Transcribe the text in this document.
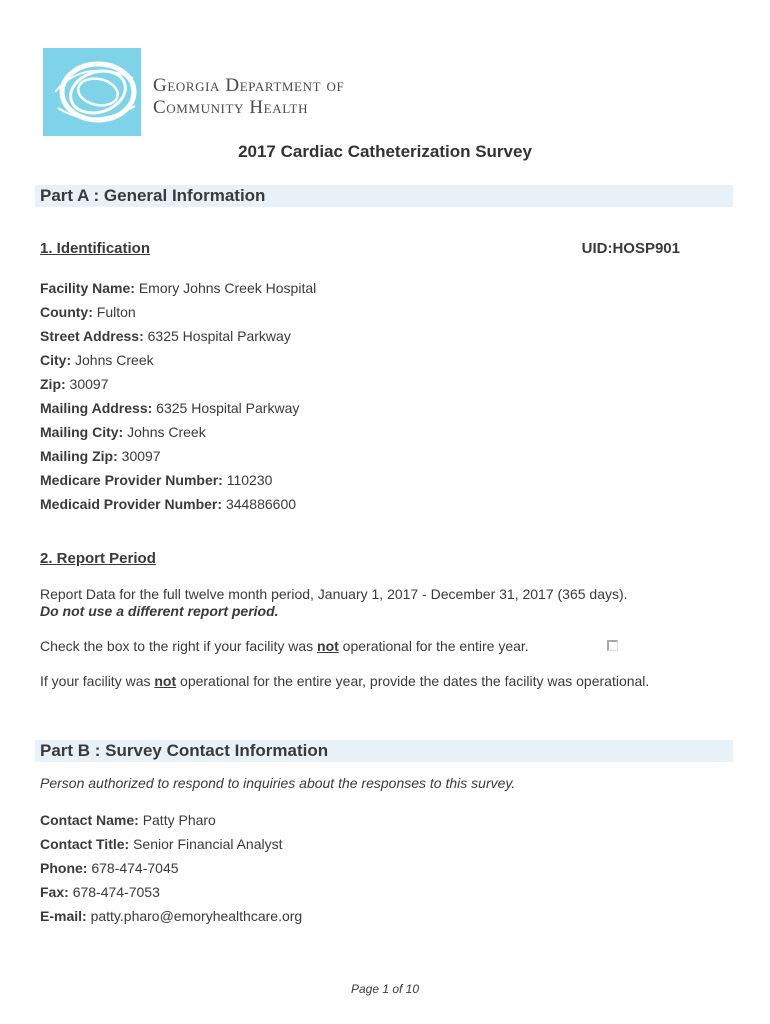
Georgia Department of
Community Health
2017 Cardiac Catheterization Survey
Part A : General Information
1. Identification	UID:HOSP901
Facility Name: Emory Johns Creek Hospital
County: Fulton
Street Address: 6325 Hospital Parkway
City: Johns Creek
Zip: 30097
Mailing Address: 6325 Hospital Parkway
Mailing City: Johns Creek
Mailing Zip: 30097
Medicare Provider Number: 110230
Medicaid Provider Number: 344886600
2. Report Period
Report Data for the full twelve month period, January 1, 2017 - December 31, 2017 (365 days).
Do not use a different report period.
Check the box to the right if your facility was not operational for the entire year.
If your facility was not operational for the entire year, provide the dates the facility was operational.
Part B : Survey Contact Information
Person authorized to respond to inquiries about the responses to this survey.
Contact Name: Patty Pharo
Contact Title: Senior Financial Analyst
Phone: 678-474-7045
Fax: 678-474-7053
E-mail: patty.pharo@emoryhealthcare.org
Page 1 of 10
